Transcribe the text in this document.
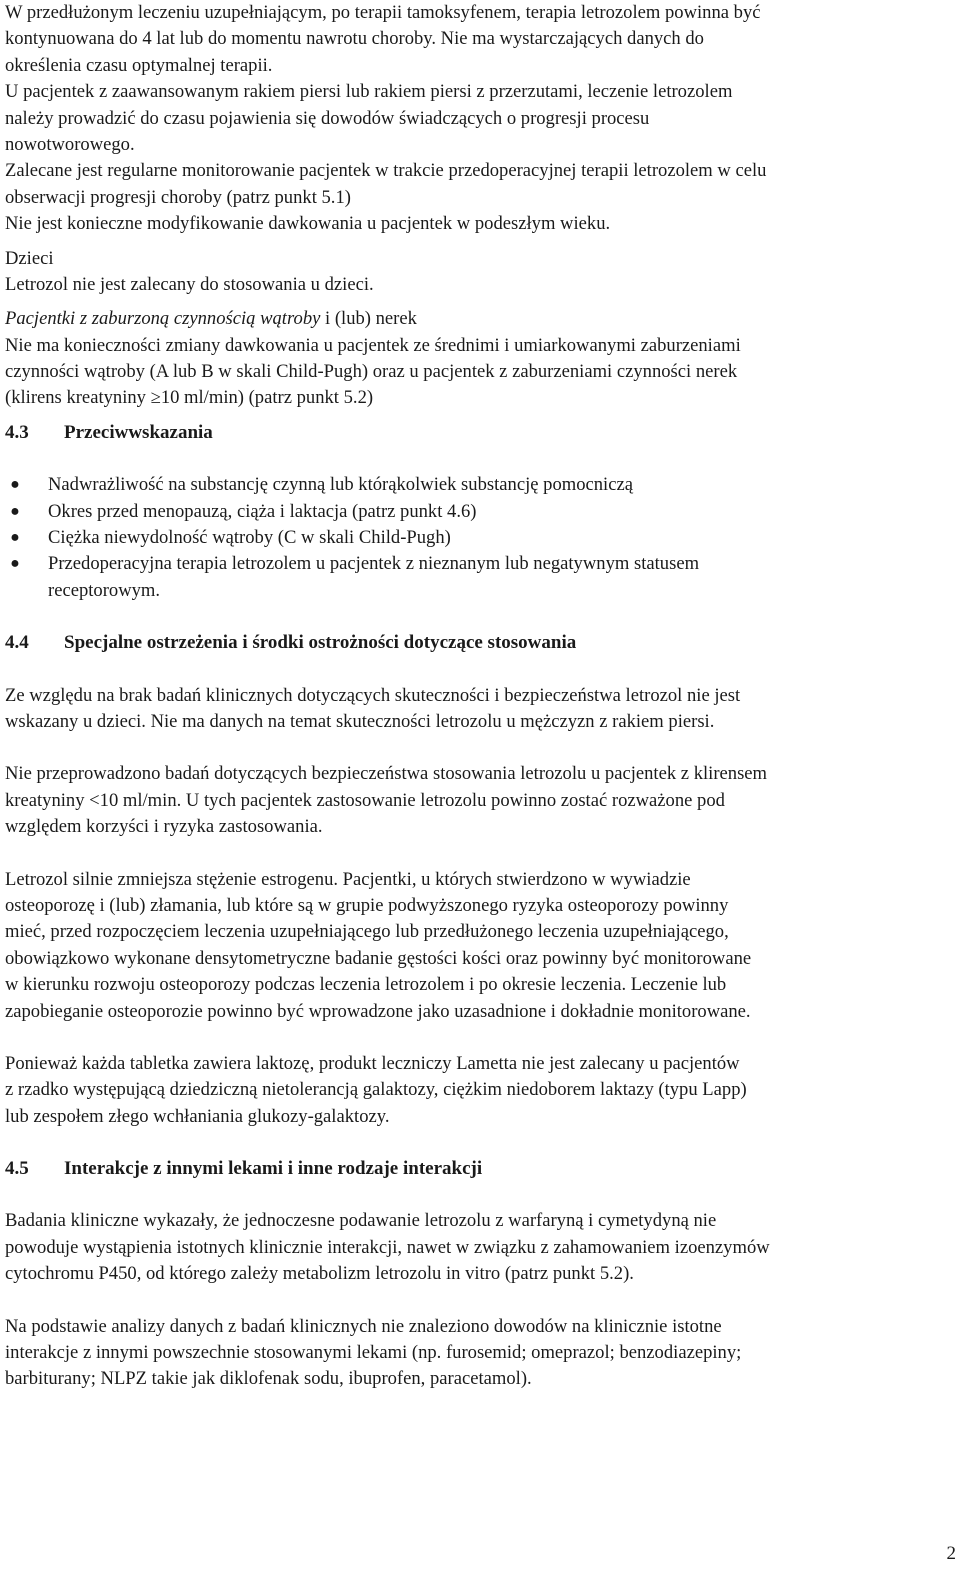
W przedłużonym leczeniu uzupełniającym, po terapii tamoksyfenem, terapia letrozolem powinna być
kontynuowana do 4 lat lub do momentu nawrotu choroby. Nie ma wystarczających danych do
określenia czasu optymalnej terapii.
U pacjentek z zaawansowanym rakiem piersi lub rakiem piersi z przerzutami, leczenie letrozolem
należy prowadzić do czasu pojawienia się dowodów świadczących o progresji procesu
nowotworowego.
Zalecane jest regularne monitorowanie pacjentek w trakcie przedoperacyjnej terapii letrozolem w celu
obserwacji progresji choroby (patrz punkt 5.1)
Nie jest konieczne modyfikowanie dawkowania u pacjentek w podeszłym wieku.
Dzieci
Letrozol nie jest zalecany do stosowania u dzieci.
Pacjentki z zaburzoną czynnością wątroby i (lub) nerek
Nie ma konieczności zmiany dawkowania u pacjentek ze średnimi i umiarkowanymi zaburzeniami
czynności wątroby (A lub B w skali Child-Pugh) oraz u pacjentek z zaburzeniami czynności nerek
(klirens kreatyniny ≥10 ml/min) (patrz punkt 5.2)
4.3	Przeciwwskazania
● Nadwrażliwość na substancję czynną lub którąkolwiek substancję pomocniczą
● Okres przed menopauzą, ciąża i laktacja (patrz punkt 4.6)
● Ciężka niewydolność wątroby (C w skali Child-Pugh)
● Przedoperacyjna terapia letrozolem u pacjentek z nieznanym lub negatywnym statusem
receptorowym.
4.4	Specjalne ostrzeżenia i środki ostrożności dotyczące stosowania
Ze względu na brak badań klinicznych dotyczących skuteczności i bezpieczeństwa letrozol nie jest
wskazany u dzieci. Nie ma danych na temat skuteczności letrozolu u mężczyzn z rakiem piersi.
Nie przeprowadzono badań dotyczących bezpieczeństwa stosowania letrozolu u pacjentek z klirensem
kreatyniny <10 ml/min. U tych pacjentek zastosowanie letrozolu powinno zostać rozważone pod
względem korzyści i ryzyka zastosowania.
Letrozol silnie zmniejsza stężenie estrogenu. Pacjentki, u których stwierdzono w wywiadzie
osteoporozę i (lub) złamania, lub które są w grupie podwyższonego ryzyka osteoporozy powinny
mieć, przed rozpoczęciem leczenia uzupełniającego lub przedłużonego leczenia uzupełniającego,
obowiązkowo wykonane densytometryczne badanie gęstości kości oraz powinny być monitorowane
w kierunku rozwoju osteoporozy podczas leczenia letrozolem i po okresie leczenia. Leczenie lub
zapobieganie osteoporozie powinno być wprowadzone jako uzasadnione i dokładnie monitorowane.
Ponieważ każda tabletka zawiera laktozę, produkt leczniczy Lametta nie jest zalecany u pacjentów
z rzadko występującą dziedziczną nietolerancją galaktozy, ciężkim niedoborem laktazy (typu Lapp)
lub zespołem złego wchłaniania glukozy-galaktozy.
4.5	Interakcje z innymi lekami i inne rodzaje interakcji
Badania kliniczne wykazały, że jednoczesne podawanie letrozolu z warfaryną i cymetydyną nie
powoduje wystąpienia istotnych klinicznie interakcji, nawet w związku z zahamowaniem izoenzymów
cytochromu P450, od którego zależy metabolizm letrozolu in vitro (patrz punkt 5.2).
Na podstawie analizy danych z badań klinicznych nie znaleziono dowodów na klinicznie istotne
interakcje z innymi powszechnie stosowanymi lekami (np. furosemid; omeprazol; benzodiazepiny;
barbiturany; NLPZ takie jak diklofenak sodu, ibuprofen, paracetamol).
2
